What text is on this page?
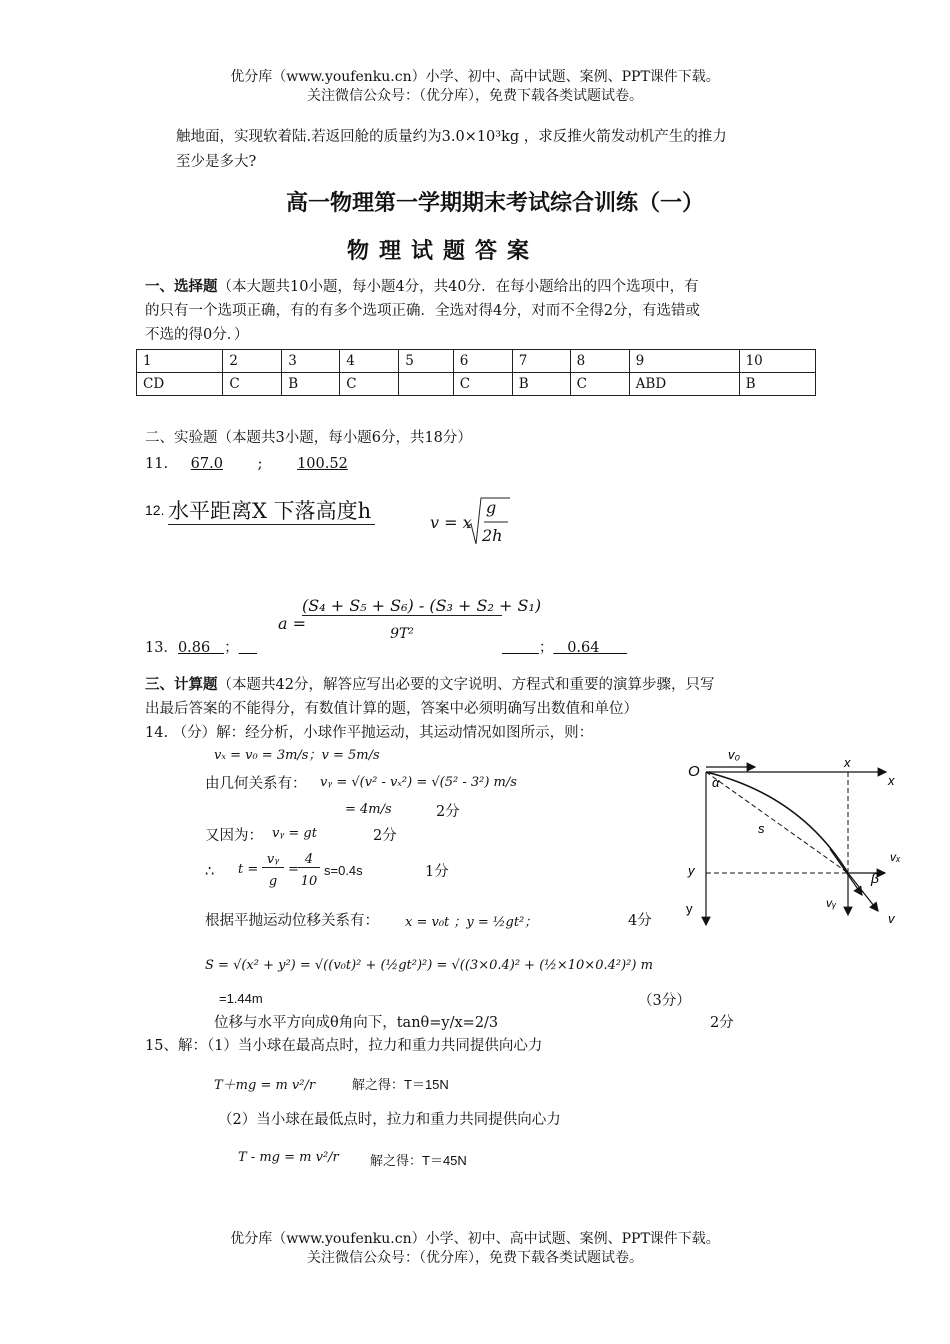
优分库（www.youfenku.cn）小学、初中、高中试题、案例、PPT课件下载。
关注微信公众号：（优分库），免费下载各类试题试卷。
触地面，实现软着陆.若返回舱的质量约为3.0×10³kg ，求反推火箭发动机产生的推力
至少是多大?
高一物理第一学期期末考试综合训练（一）
物理试题答案
一、选择题（本大题共10小题，每小题4分，共40分．在每小题给出的四个选项中，有
的只有一个选项正确，有的有多个选项正确．全选对得4分，对而不全得2分，有选错或
不选的得0分．）
1	2	3	4	5	6	7	8	9	10
CD	C	B	C		C	B	C	ABD	B
二、实验题（本题共3小题，每小题6分，共18分）
11. 67.0 ; 100.52
12. 水平距离X 下落高度h	v = x
g
2h
a =
(S₄ + S₅ + S₆) - (S₃ + S₂ + S₁)
9T²
13．0.86 ；	； 0.64
三、计算题（本题共42分，解答应写出必要的文字说明、方程式和重要的演算步骤，只写
出最后答案的不能得分，有数值计算的题，答案中必须明确写出数值和单位）
14. （分）解：经分析，小球作平抛运动，其运动情况如图所示，则：
vₓ = v₀ = 3m/s；v = 5m/s
由几何关系有： vᵧ = √(v² - vₓ²) = √(5² - 3²) m/s
= 4m/s	2分
又因为： vᵧ = gt	2分
∴ t =
vᵧ
g
=
4
10
s=0.4s	1分
根据平抛运动位移关系有： x = v₀t ；y = ½gt²；	4分
S = √(x² + y²) = √((v₀t)² + (½gt²)²) = √((3×0.4)² + (½×10×0.4²)²) m
=1.44m	（3分）
位移与水平方向成θ角向下，tanθ=y/x=2/3	2分
15、解：（1）当小球在最高点时，拉力和重力共同提供向心力
T＋mg = m v²/r	解之得：T＝15N
（2）当小球在最低点时，拉力和重力共同提供向心力
T - mg = m v²/r 解之得：T＝45N
v₀
O
α
x
x
s
y
y
vₓ
β
vᵧ
v
优分库（www.youfenku.cn）小学、初中、高中试题、案例、PPT课件下载。
关注微信公众号：（优分库），免费下载各类试题试卷。
